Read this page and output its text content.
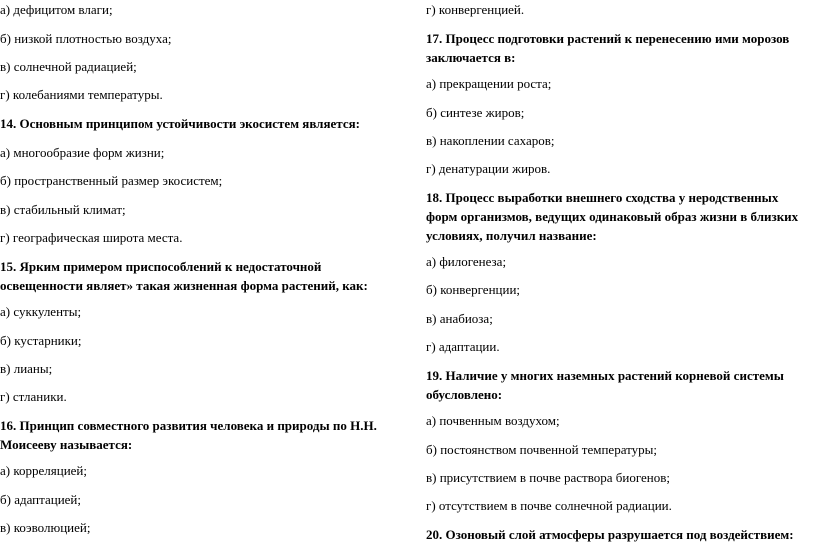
а) дефицитом влаги;

б) низкой плотностью воздуха;

в) солнечной радиацией;

г) колебаниями температуры.

14. Основным принципом устойчивости экосистем является:

а) многообразие форм жизни;

б) пространственный размер экосистем;

в) стабильный климат;

г) географическая широта места.

15. Ярким примером приспособлений к недостаточной
освещенности являет» такая жизненная форма растений, как:

а) суккуленты;

б) кустарники;

в) лианы;

г) стланики.

16. Принцип совместного развития человека и природы по Н.Н.
Моисееву называется:

а) корреляцией;

б) адаптацией;

в) коэволюцией;

г) конвергенцией.

17. Процесс подготовки растений к перенесению ими морозов
заключается в:

а) прекращении роста;

б) синтезе жиров;

в) накоплении сахаров;

г) денатурации жиров.

18. Процесс выработки внешнего сходства у неродственных
форм организмов, ведущих одинаковый образ жизни в близких
условиях, получил название:

а) филогенеза;

б) конвергенции;

в) анабиоза;

г) адаптации.

19. Наличие у многих наземных растений корневой системы
обусловлено:

а) почвенным воздухом;

б) постоянством почвенной температуры;

в) присутствием в почве раствора биогенов;

г) отсутствием в почве солнечной радиации.

20. Озоновый слой атмосферы разрушается под воздействием:
